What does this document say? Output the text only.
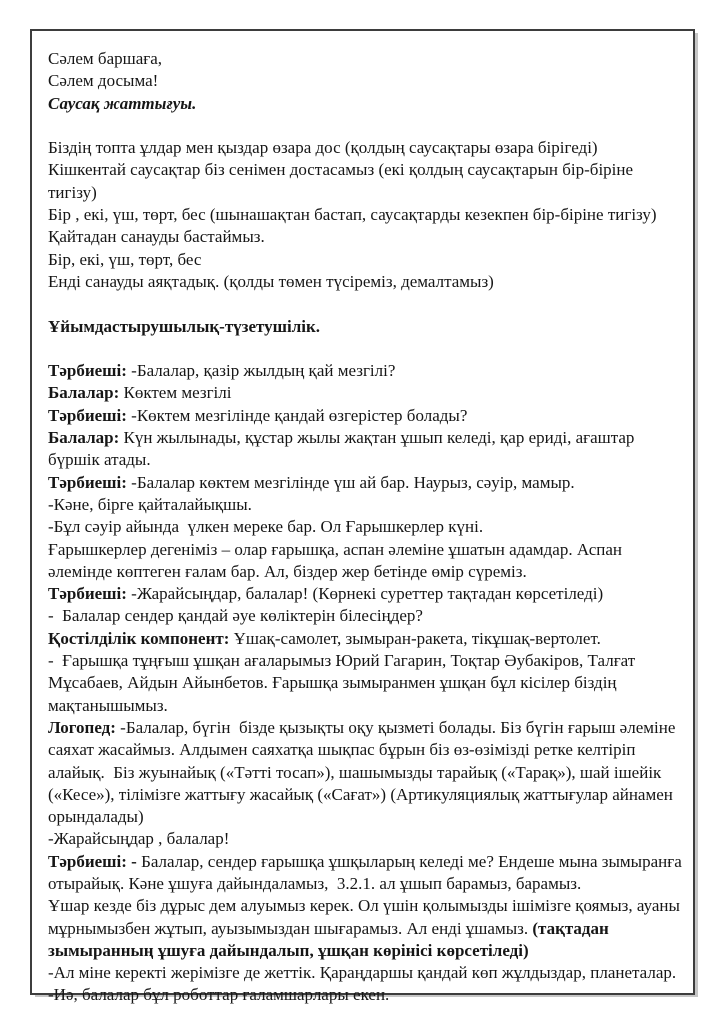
Сәлем баршаға,

Сәлем досыма!

Саусақ жаттығуы.

Біздің топта ұлдар мен қыздар өзара дос (қолдың саусақтары өзара бірігеді)

Кішкентай саусақтар біз сенімен достасамыз (екі қолдың саусақтарын бір-біріне тигізу)

Бір , екі, үш, төрт, бес (шынашақтан бастап, саусақтарды кезекпен бір-біріне тигізу)

Қайтадан санауды бастаймыз.

Бір, екі, үш, төрт, бес

Енді санауды аяқтадық. (қолды төмен түсіреміз, демалтамыз)

Ұйымдастырушылық-түзетушілік.

Тәрбиеші: -Балалар, қазір жылдың қай мезгілі?

Балалар: Көктем мезгілі

Тәрбиеші: -Көктем мезгілінде қандай өзгерістер болады?

Балалар: Күн жылынады, құстар жылы жақтан ұшып келеді, қар ериді, ағаштар бүршік атады.

Тәрбиеші: -Балалар көктем мезгілінде үш ай бар. Наурыз, сәуір, мамыр.

-Кәне, бірге қайталайықшы.

-Бұл сәуір айында  үлкен мереке бар. Ол Ғарышкерлер күні.

Ғарышкерлер дегеніміз – олар ғарышқа, аспан әлеміне ұшатын адамдар. Аспан әлемінде көптеген ғалам бар. Ал, біздер жер бетінде өмір сүреміз.

Тәрбиеші: -Жарайсыңдар, балалар! (Көрнекі суреттер тақтадан көрсетіледі)

-  Балалар сендер қандай әуе көліктерін білесіңдер?

Қостілділік компонент: Ұшақ-самолет, зымыран-ракета, тікұшақ-вертолет.

-  Ғарышқа тұңғыш ұшқан ағаларымыз Юрий Гагарин, Тоқтар Әубакіров, Талғат Мұсабаев, Айдын Айынбетов. Ғарышқа зымыранмен ұшқан бұл кісілер біздің мақтанышымыз.

Логопед: -Балалар, бүгін  бізде қызықты оқу қызметі болады. Біз бүгін ғарыш әлеміне саяхат жасаймыз. Алдымен саяхатқа шықпас бұрын біз өз-өзімізді ретке келтіріп алайық.  Біз жуынайық («Тәтті тосап»), шашымызды тарайық («Тарақ»), шай ішейік («Кесе»), тілімізге жаттығу жасайық («Сағат») (Артикуляциялық жаттығулар айнамен орындалады)

-Жарайсыңдар , балалар!

Тәрбиеші: - Балалар, сендер ғарышқа ұшқыларың келеді ме? Ендеше мына зымыранға отырайық. Кәне ұшуға дайындаламыз,  3.2.1. ал ұшып барамыз, барамыз.

Ұшар кезде біз дұрыс дем алуымыз керек. Ол үшін қолымызды ішімізге қоямыз, ауаны мұрнымызбен жұтып, ауызымыздан шығарамыз. Ал енді ұшамыз. (тақтадан зымыранның ұшуға дайындалып, ұшқан көрінісі көрсетіледі)

-Ал міне керекті жерімізге де жеттік. Қараңдаршы қандай көп жұлдыздар, планеталар.

-Иә, балалар бұл роботтар ғаламшарлары екен.
